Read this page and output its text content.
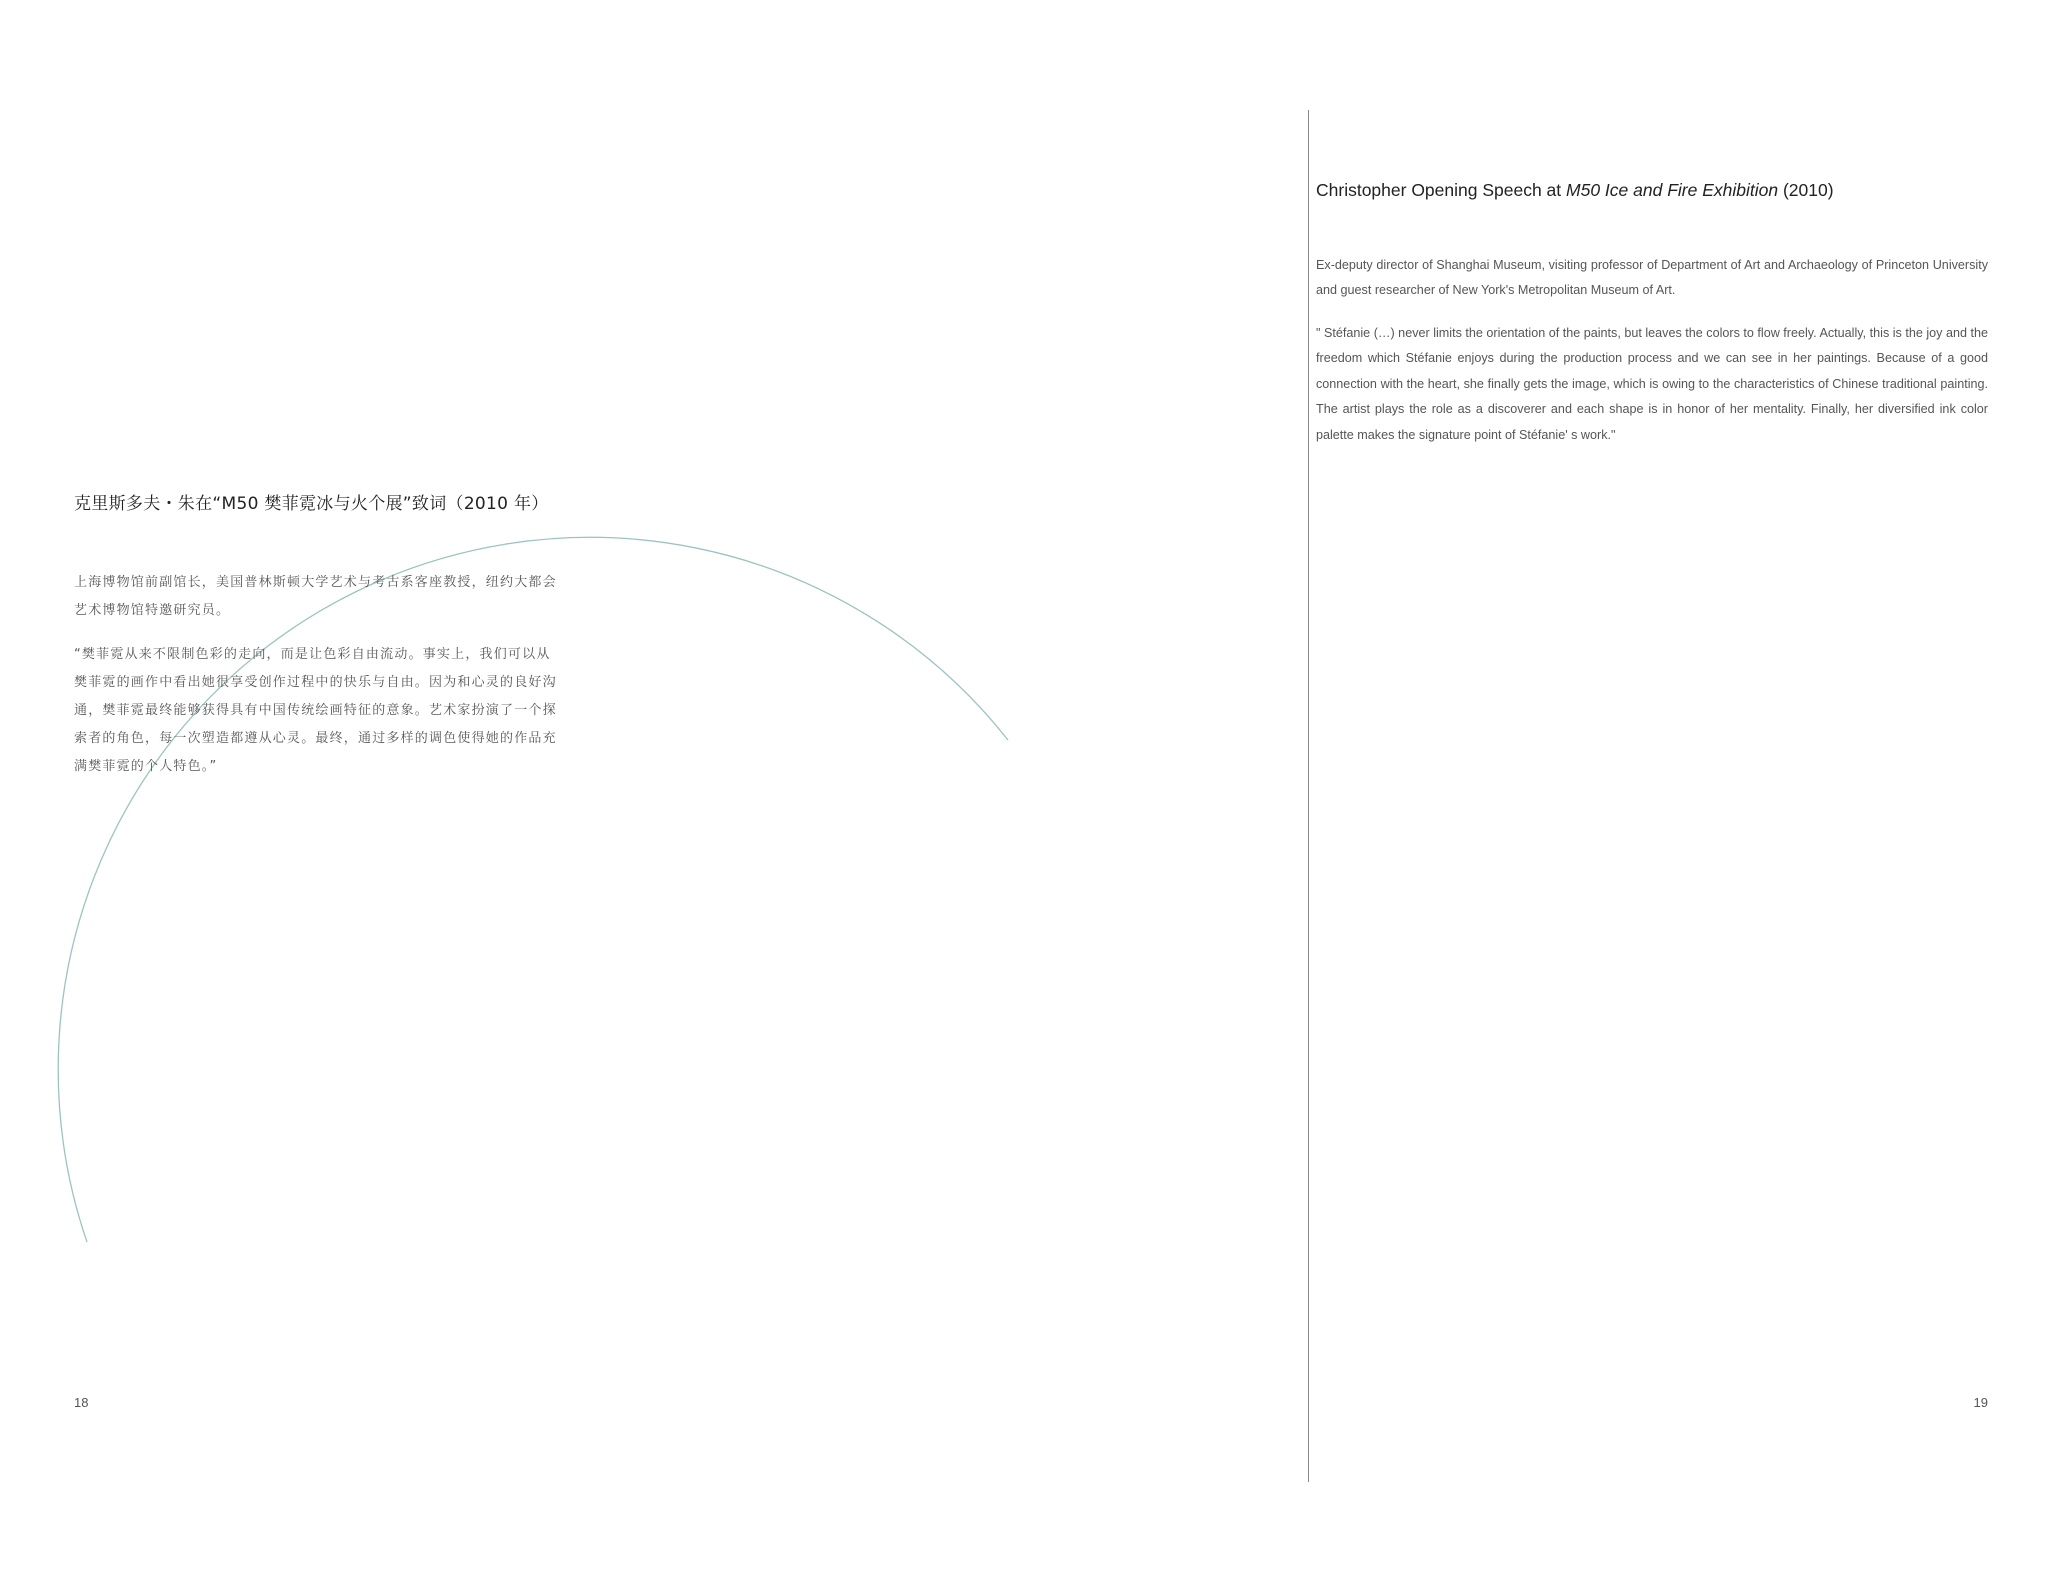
克里斯多夫・朱在“M50 樊菲霓冰与火个展”致词（2010 年）
上海博物馆前副馆长，美国普林斯顿大学艺术与考古系客座教授，纽约大都会
艺术博物馆特邀研究员。
“樊菲霓从来不限制色彩的走向，而是让色彩自由流动。事实上，我们可以从
樊菲霓的画作中看出她很享受创作过程中的快乐与自由。因为和心灵的良好沟
通，樊菲霓最终能够获得具有中国传统绘画特征的意象。艺术家扮演了一个探
索者的角色，每一次塑造都遵从心灵。最终，通过多样的调色使得她的作品充
满樊菲霓的个人特色。”
18
Christopher Opening Speech at M50 Ice and Fire Exhibition (2010)

Ex-deputy director of Shanghai Museum, visiting professor of Department of Art and Archaeology of Princeton University and guest researcher of New York's Metropolitan Museum of Art.

" Stéfanie (…) never limits the orientation of the paints, but leaves the colors to flow freely. Actually, this is the joy and the freedom which Stéfanie enjoys during the production process and we can see in her paintings. Because of a good connection with the heart, she finally gets the image, which is owing to the characteristics of Chinese traditional painting. The artist plays the role as a discoverer and each shape is in honor of her mentality. Finally, her diversified ink color palette makes the signature point of Stéfanie' s work."

19
